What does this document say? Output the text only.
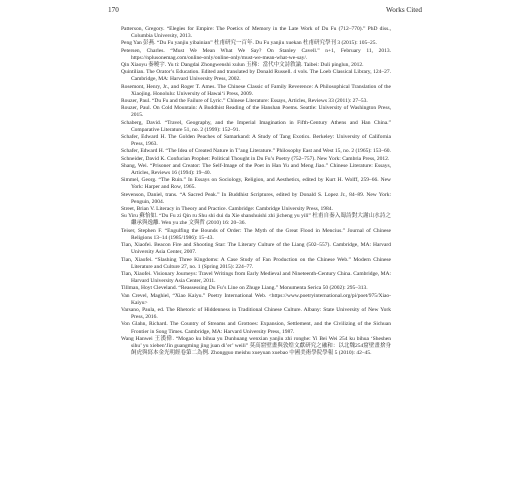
170	Works Cited

Patterson, Gregory. “Elegies for Empire: The Poetics of Memory in the Late Work of Du Fu (712–770).” PhD diss., Columbia University, 2013.

Peng Yan 彭燕. “Du Fu yanjiu yibainian” 杜甫研究一百年. Du Fu yanjiu xuekan 杜甫研究學刊 3 (2015): 105–25.

Petersen, Charles. “Must We Mean What We Say? On Stanley Cavell.” n+1, February 11, 2013. https://nplusonemag.com/online-only/online-only/must-we-mean-what-we-say/.

Qin Xiaoyu 秦曉宇. Yu ti: Dangdai Zhongwenshi xulun 玉梯：當代中文詩敘論. Taibei: Duli pinglun, 2012.

Quintilian. The Orator’s Education. Edited and translated by Donald Russell. 4 vols. The Loeb Classical Library, 124–27. Cambridge, MA: Harvard University Press, 2002.

Rosemont, Henry, Jr., and Roger T. Ames. The Chinese Classic of Family Reverence: A Philosophical Translation of the Xiaojing. Honolulu: University of Hawai‘i Press, 2009.

Rouzer, Paul. “Du Fu and the Failure of Lyric.” Chinese Literature: Essays, Articles, Reviews 33 (2011): 27–53.

Rouzer, Paul. On Cold Mountain: A Buddhist Reading of the Hanshan Poems. Seattle: University of Washington Press, 2015.

Schaberg, David. “Travel, Geography, and the Imperial Imagination in Fifth-Century Athens and Han China.” Comparative Literature 51, no. 2 (1999): 152–91.

Schafer, Edward H. The Golden Peaches of Samarkand: A Study of Tang Exotics. Berkeley: University of California Press, 1963.

Schafer, Edward H. “The Idea of Created Nature in T’ang Literature.” Philosophy East and West 15, no. 2 (1965): 153–60.

Schneider, David K. Confucian Prophet: Political Thought in Du Fu’s Poetry (752–757). New York: Cambria Press, 2012.

Shang, Wei. “Prisoner and Creator: The Self-Image of the Poet in Han Yu and Meng Jiao.” Chinese Literature: Essays, Articles, Reviews 16 (1994): 19–40.

Simmel, Georg. “The Ruin.” In Essays on Sociology, Religion, and Aesthetics, edited by Kurt H. Wolff, 259–66. New York: Harper and Row, 1965.

Stevenson, Daniel, trans. “A Sacred Peak.” In Buddhist Scriptures, edited by Donald S. Lopez Jr., 84–89. New York: Penguin, 2004.

Street, Brian V. Literacy in Theory and Practice. Cambridge: Cambridge University Press, 1984.

Su Yiru 蘇怡如. “Du Fu zi Qin ru Shu shi dui da Xie shanshuishi zhi jicheng yu yili” 杜甫自秦入蜀詩對大謝山水詩之繼承與逸離. Wen yu zhe 文與哲 (2010) 16: 20–36.

Teiser, Stephen F. “Engulfing the Bounds of Order: The Myth of the Great Flood in Mencius.” Journal of Chinese Religions 13–14 (1985/1986): 15–43.

Tian, Xiaofei. Beacon Fire and Shooting Star: The Literary Culture of the Liang (502–557). Cambridge, MA: Harvard University Asia Center, 2007.

Tian, Xiaofei. “Slashing Three Kingdoms: A Case Study of Fan Production on the Chinese Web.” Modern Chinese Literature and Culture 27, no. 1 (Spring 2015): 224–77.

Tian, Xiaofei. Visionary Journeys: Travel Writings from Early Medieval and Nineteenth-Century China. Cambridge, MA: Harvard University Asia Center, 2011.

Tillman, Hoyt Cleveland. “Reassessing Du Fu’s Line on Zhuge Liang.” Monumenta Serica 50 (2002): 295–313.

Van Crevel, Maghiel, “Xiao Kaiyu.” Poetry International Web. <https://www.poetryinternational.org/pi/poet/975/Xiao-Kaiyu>

Varsano, Paula, ed. The Rhetoric of Hiddenness in Traditional Chinese Culture. Albany: State University of New York Press, 2016.

Von Glahn, Richard. The Country of Streams and Grottoes: Expansion, Settlement, and the Civilizing of the Sichuan Frontier in Song Times. Cambridge, MA: Harvard University Press, 1987.

Wang Hanwei 王漢偉. “Mogao ku bihua yu Dunhuang wenxian yanjiu zhi ronghe: Yi Bei Wei 254 ku bihua ‘Sheshen sihu’ yu xiebenʻJin guangming jing juan di’er’ weili” 莫高窟壁畫與敦煌文獻研究之融和：以北魏254窟壁畫捨身飼虎與寫本金光明經卷第二為例. Zhongguo meishu xueyuan xuebao 中國美術學院學報 5 (2010): 42–45.
